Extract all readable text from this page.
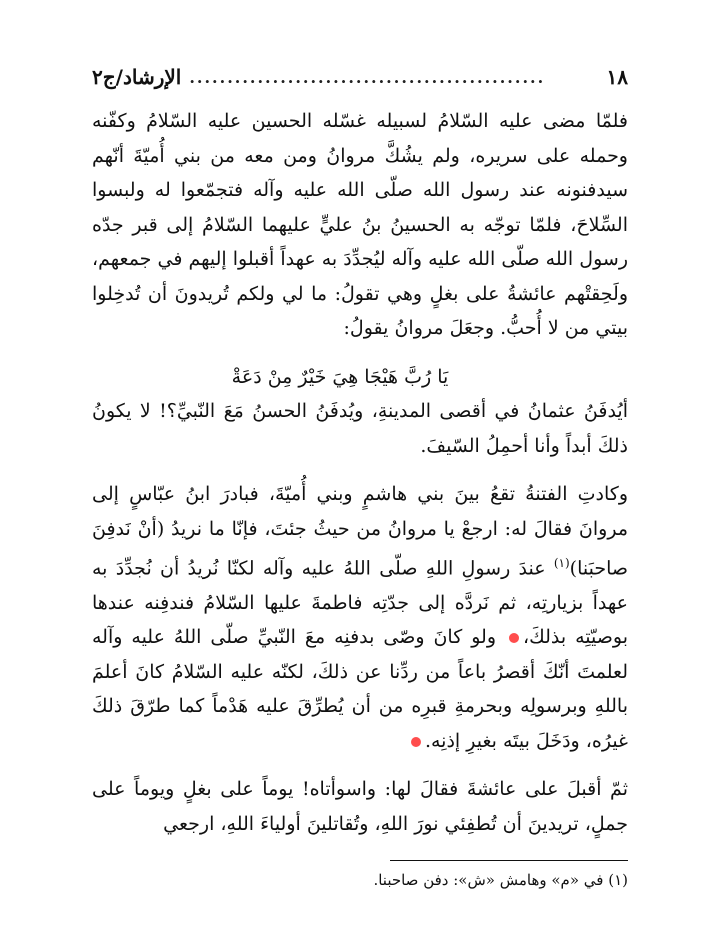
١٨
...............................................
الإرشاد/ج٢

فلمّا مضى عليه السّلامُ لسبيله غسّله الحسين عليه السّلامُ وكفّنه وحمله على سريره، ولم يشُكَّ مروانُ ومن معه من بني أُميّةَ أنّهم سيدفنونه عند رسول الله صلّى الله عليه وآله فتجمّعوا له ولبسوا السِّلاحَ، فلمّا توجّه به الحسينُ بنُ عليٍّ عليهما السّلامُ إلى قبر جدّه رسول الله صلّى الله عليه وآله ليُجدِّدَ به عهداً أقبلوا إليهم في جمعهم، ولَحِقتْهم عائشةُ على بغلٍ وهي تقولُ: ما لي ولكم تُريدونَ أن تُدخِلوا بيتي من لا أُحبُّ. وجعَلَ مروانُ يقولُ:

يَا رُبَّ هَيْجَا هِيَ خَيْرٌ مِنْ دَعَةْ

أيُدفَنُ عثمانُ في أقصى المدينةِ، ويُدفَنُ الحسنُ مَعَ النّبيِّ؟! لا يكونُ ذلكَ أبداً وأنا أحمِلُ السّيفَ.

وكادتِ الفتنةُ تقعُ بينَ بني هاشمٍ وبني أُميّةَ، فبادرَ ابنُ عبّاسٍ إلى مروانَ فقالَ له: ارجعْ يا مروانُ من حيثُ جئتَ، فإنّا ما نريدُ (أنْ نَدفِنَ صاحبَنا)$^{(١)}$ عندَ رسولِ اللهِ صلّى اللهُ عليه وآله لكنّا نُريدُ أن نُجدِّدَ به عهداً بزيارتِه، ثم نَردَّه إلى جدّتِه فاطمةَ عليها السّلامُ فندفِنه عندها بوصيّتِه بذلكَ، ولو كانَ وصّى بدفنِه معَ النّبيِّ صلّى اللهُ عليه وآله لعلمتَ أنّكَ أقصرُ باعاً من ردِّنا عن ذلكَ، لكنّه عليه السّلامُ كانَ أعلمَ باللهِ وبرسولِه وبحرمةِ قبرِه من أن يُطرِّقَ عليه هَدْماً كما طرّقَ ذلكَ غيرُه، ودَخَلَ بيتَه بغيرِ إذنِه.

ثمّ أقبلَ على عائشةَ فقالَ لها: واسوأتاه! يوماً على بغلٍ ويوماً على جملٍ، تريدينَ أن تُطفِئي نورَ اللهِ، وتُقاتلينَ أولياءَ اللهِ، ارجعي

(١) في «م» وهامش «ش»: دفن صاحبنا.
